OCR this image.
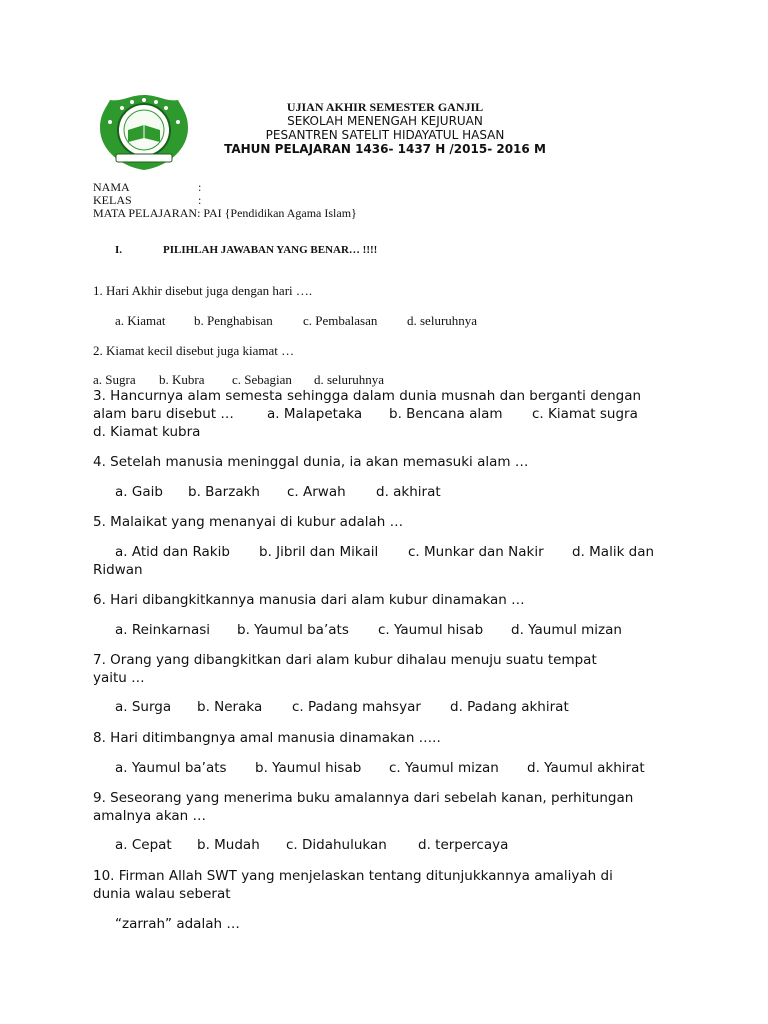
UJIAN AKHIR SEMESTER GANJIL
SEKOLAH MENENGAH KEJURUAN
PESANTREN SATELIT HIDAYATUL HASAN
TAHUN PELAJARAN 1436- 1437 H /2015- 2016 M
NAMA	:
KELAS	:
MATA PELAJARAN: PAI {Pendidikan Agama Islam}
I.	PILIHLAH JAWABAN YANG BENAR… !!!!
1. Hari Akhir disebut juga dengan hari ….
a. Kiamat b. Penghabisan c. Pembalasan d. seluruhnya
2. Kiamat kecil disebut juga kiamat …
a. Sugra b. Kubra c. Sebagian d. seluruhnya
3. Hancurnya alam semesta sehingga dalam dunia musnah dan berganti dengan
alam baru disebut … a. Malapetaka b. Bencana alam c. Kiamat sugra
d. Kiamat kubra
4. Setelah manusia meninggal dunia, ia akan memasuki alam …
a. Gaib b. Barzakh c. Arwah d. akhirat
5. Malaikat yang menanyai di kubur adalah …
a. Atid dan Rakib b. Jibril dan Mikail c. Munkar dan Nakir d. Malik dan
Ridwan
6. Hari dibangkitkannya manusia dari alam kubur dinamakan …
a. Reinkarnasi b. Yaumul ba’ats c. Yaumul hisab d. Yaumul mizan
7. Orang yang dibangkitkan dari alam kubur dihalau menuju suatu tempat
yaitu …
a. Surga b. Neraka c. Padang mahsyar d. Padang akhirat
8. Hari ditimbangnya amal manusia dinamakan …..
a. Yaumul ba’ats b. Yaumul hisab c. Yaumul mizan d. Yaumul akhirat
9. Seseorang yang menerima buku amalannya dari sebelah kanan, perhitungan
amalnya akan …
a. Cepat b. Mudah c. Didahulukan d. terpercaya
10. Firman Allah SWT yang menjelaskan tentang ditunjukkannya amaliyah di
dunia walau seberat
“zarrah” adalah …
